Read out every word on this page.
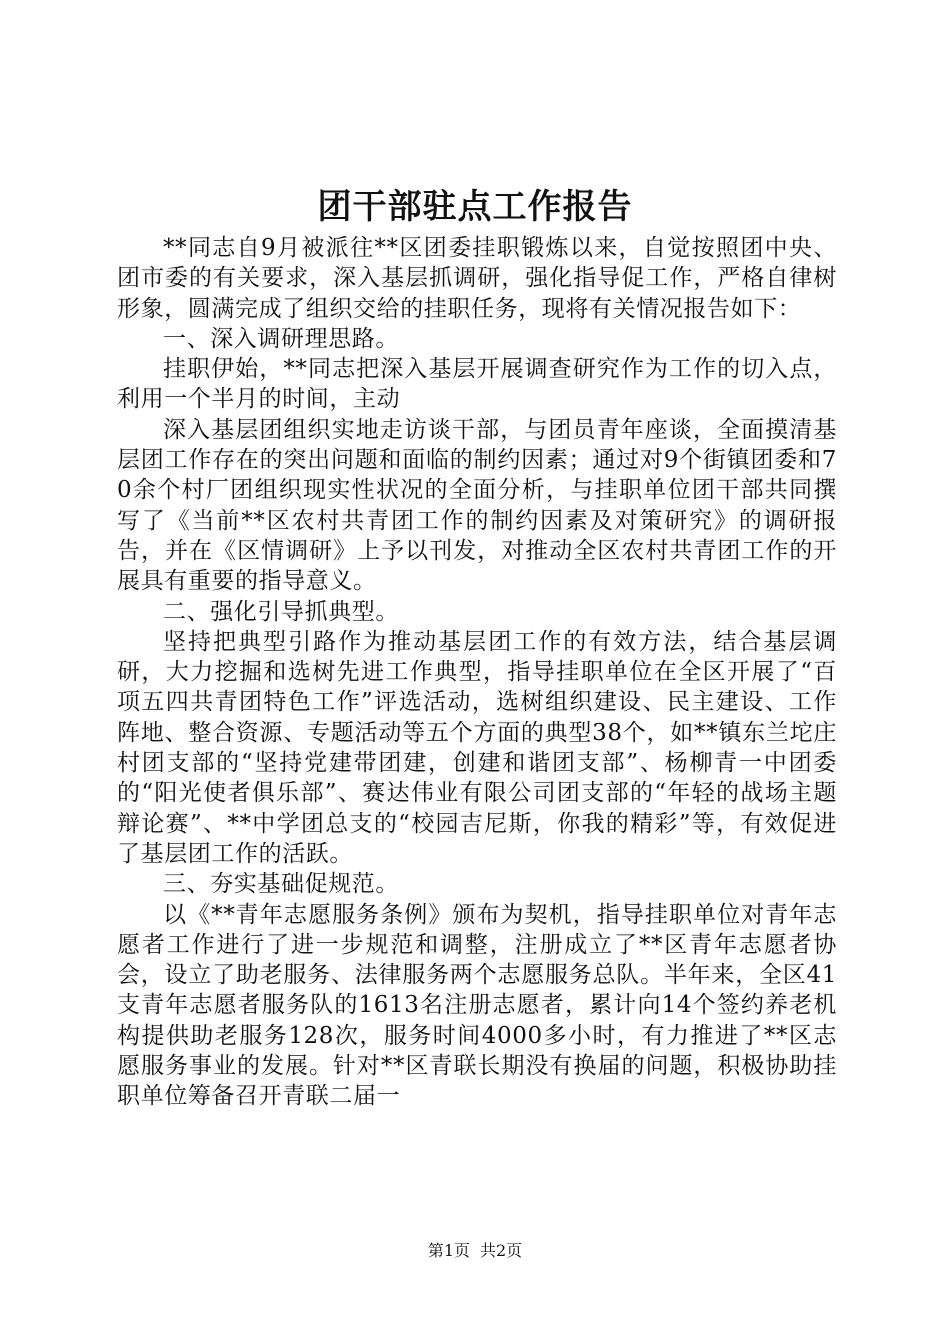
团干部驻点工作报告

**同志自9月被派往**区团委挂职锻炼以来，自觉按照团中央、团市委的有关要求，深入基层抓调研，强化指导促工作，严格自律树形象，圆满完成了组织交给的挂职任务，现将有关情况报告如下：

一、深入调研理思路。

挂职伊始，**同志把深入基层开展调查研究作为工作的切入点，利用一个半月的时间，主动

深入基层团组织实地走访谈干部，与团员青年座谈，全面摸清基层团工作存在的突出问题和面临的制约因素；通过对9个街镇团委和70余个村厂团组织现实性状况的全面分析，与挂职单位团干部共同撰写了《当前**区农村共青团工作的制约因素及对策研究》的调研报告，并在《区情调研》上予以刊发，对推动全区农村共青团工作的开展具有重要的指导意义。

二、强化引导抓典型。

坚持把典型引路作为推动基层团工作的有效方法，结合基层调研，大力挖掘和选树先进工作典型，指导挂职单位在全区开展了“百项五四共青团特色工作”评选活动，选树组织建设、民主建设、工作阵地、整合资源、专题活动等五个方面的典型38个，如**镇东兰坨庄村团支部的“坚持党建带团建，创建和谐团支部”、杨柳青一中团委的“阳光使者俱乐部”、赛达伟业有限公司团支部的“年轻的战场主题辩论赛”、**中学团总支的“校园吉尼斯，你我的精彩”等，有效促进了基层团工作的活跃。

三、夯实基础促规范。

以《**青年志愿服务条例》颁布为契机，指导挂职单位对青年志愿者工作进行了进一步规范和调整，注册成立了**区青年志愿者协会，设立了助老服务、法律服务两个志愿服务总队。半年来，全区41支青年志愿者服务队的1613名注册志愿者，累计向14个签约养老机构提供助老服务128次，服务时间4000多小时，有力推进了**区志愿服务事业的发展。针对**区青联长期没有换届的问题，积极协助挂职单位筹备召开青联二届一

第1页 共2页
